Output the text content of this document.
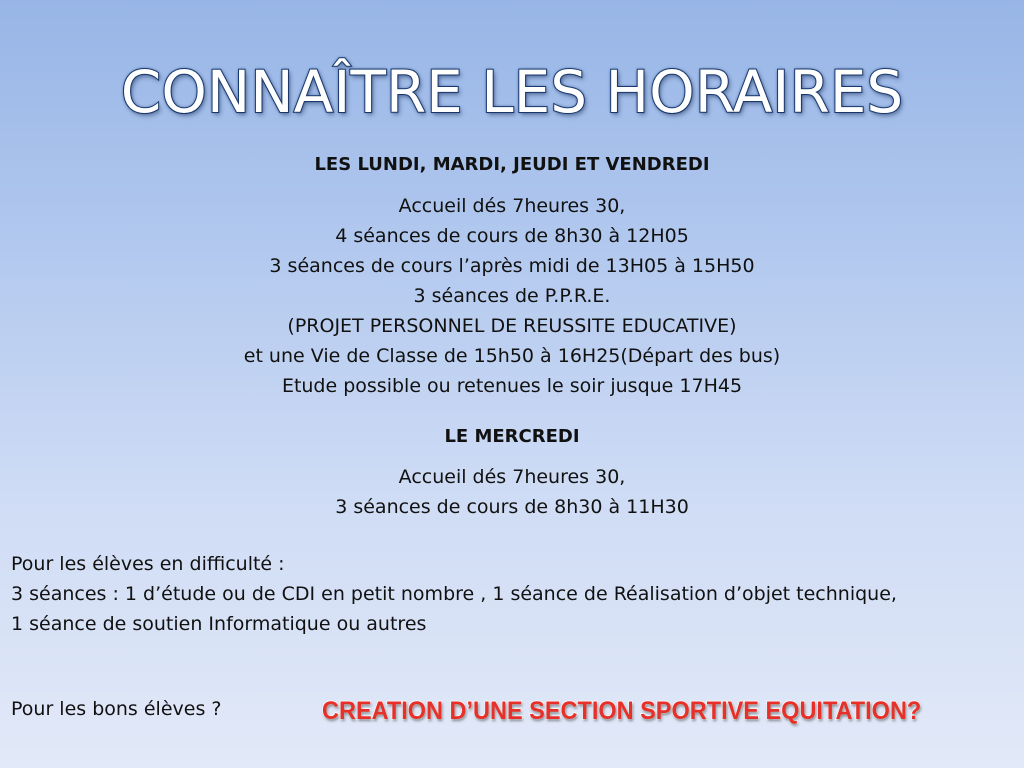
CONNAÎTRE LES HORAIRES
LES LUNDI, MARDI, JEUDI ET VENDREDI
Accueil dés 7heures 30,
4 séances de cours de 8h30 à 12H05
3 séances de cours l’après midi de 13H05 à 15H50
3 séances de P.P.R.E.
(PROJET PERSONNEL DE REUSSITE EDUCATIVE)
et une Vie de Classe de 15h50 à 16H25(Départ des bus)
Etude possible ou retenues le soir jusque 17H45
LE MERCREDI
Accueil dés 7heures 30,
3 séances de cours de 8h30 à 11H30
Pour les élèves en difficulté :
3 séances : 1 d’étude ou de CDI en petit nombre , 1 séance de Réalisation d’objet technique,
1 séance de soutien Informatique ou autres
Pour les bons élèves ?	CREATION D’UNE SECTION SPORTIVE EQUITATION?
